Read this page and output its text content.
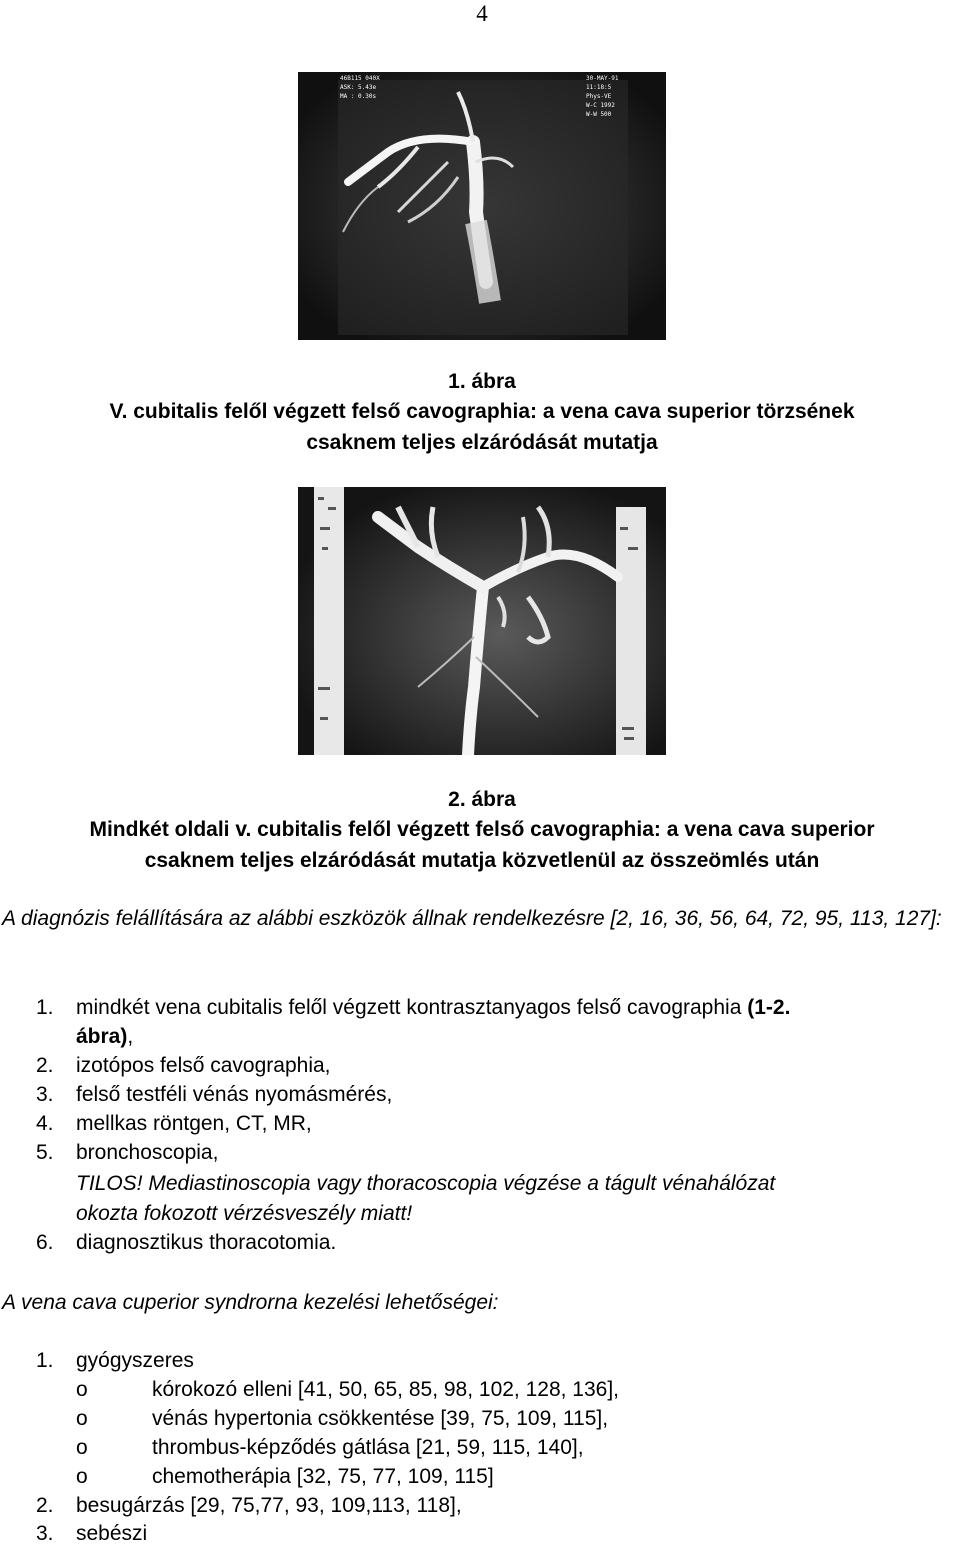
4
46B115 040X
ASK: 5.43e
MA : 0.30s
30-MAY-91
11:18:5
Phys-VE
W-C 1992
W-W 500
1. ábra
V. cubitalis felől végzett felső cavographia: a vena cava superior törzsének
csaknem teljes elzáródását mutatja
2. ábra
Mindkét oldali v. cubitalis felől végzett felső cavographia: a vena cava superior
csaknem teljes elzáródását mutatja közvetlenül az összeömlés után
A diagnózis felállítására az alábbi eszközök állnak rendelkezésre [2, 16, 36, 56, 64, 72, 95, 113, 127]:
1. mindkét vena cubitalis felől végzett kontrasztanyagos felső cavographia (1-2.
ábra),
2. izotópos felső cavographia,
3. felső testféli vénás nyomásmérés,
4. mellkas röntgen, CT, MR,
5. bronchoscopia,
TILOS! Mediastinoscopia vagy thoracoscopia végzése a tágult vénahálózat
okozta fokozott vérzésveszély miatt!
6. diagnosztikus thoracotomia.
A vena cava cuperior syndrorna kezelési lehetőségei:
1. gyógyszeres
o	kórokozó elleni [41, 50, 65, 85, 98, 102, 128, 136],
o	vénás hypertonia csökkentése [39, 75, 109, 115],
o	thrombus-képződés gátlása [21, 59, 115, 140],
o	chemotherápia [32, 75, 77, 109, 115]
2. besugárzás [29, 75,77, 93, 109,113, 118],
3. sebészi
